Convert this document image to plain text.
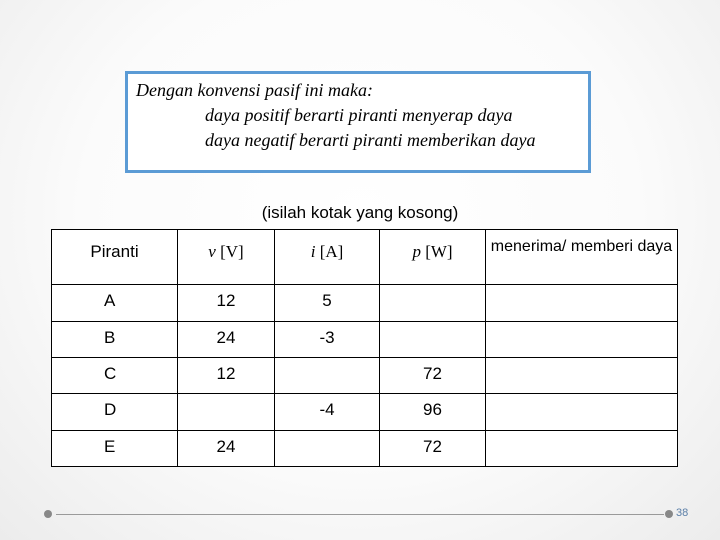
Dengan konvensi pasif ini maka:
daya positif berarti piranti menyerap daya
daya negatif berarti piranti memberikan daya
(isilah kotak yang kosong)
Piranti	v [V]	i [A]	p [W]	menerima/ memberi daya
A	12	5		
B	24	-3		
C	12		72	
D		-4	96	
E	24		72	
38
